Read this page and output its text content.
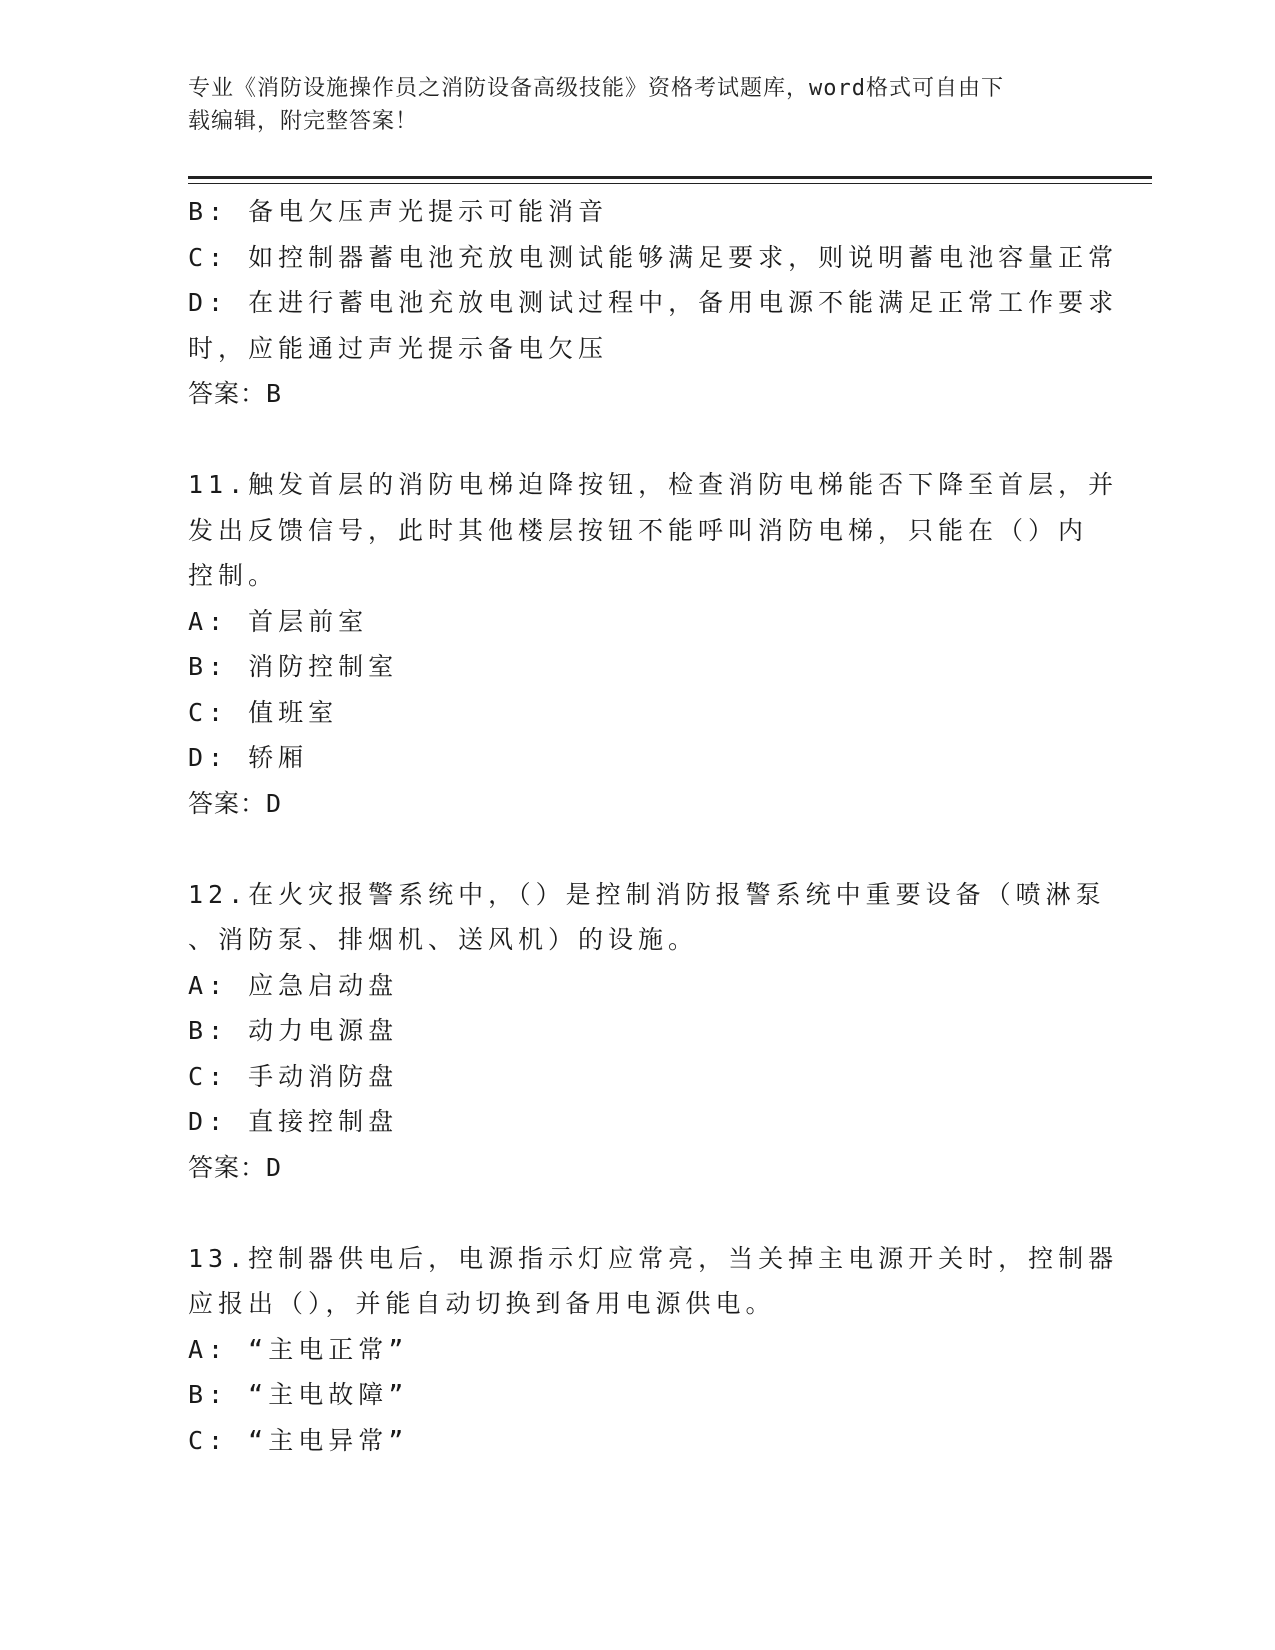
专业《消防设施操作员之消防设备高级技能》资格考试题库，word格式可自由下
载编辑，附完整答案！
B: 备电欠压声光提示可能消音
C: 如控制器蓄电池充放电测试能够满足要求，则说明蓄电池容量正常
D: 在进行蓄电池充放电测试过程中，备用电源不能满足正常工作要求
时，应能通过声光提示备电欠压
答案：B
11.触发首层的消防电梯迫降按钮，检查消防电梯能否下降至首层，并
发出反馈信号，此时其他楼层按钮不能呼叫消防电梯，只能在（）内
控制。
A: 首层前室
B: 消防控制室
C: 值班室
D: 轿厢
答案：D
12.在火灾报警系统中，（）是控制消防报警系统中重要设备（喷淋泵
、消防泵、排烟机、送风机）的设施。
A: 应急启动盘
B: 动力电源盘
C: 手动消防盘
D: 直接控制盘
答案：D
13.控制器供电后，电源指示灯应常亮，当关掉主电源开关时，控制器
应报出（），并能自动切换到备用电源供电。
A: “主电正常”
B: “主电故障”
C: “主电异常”
